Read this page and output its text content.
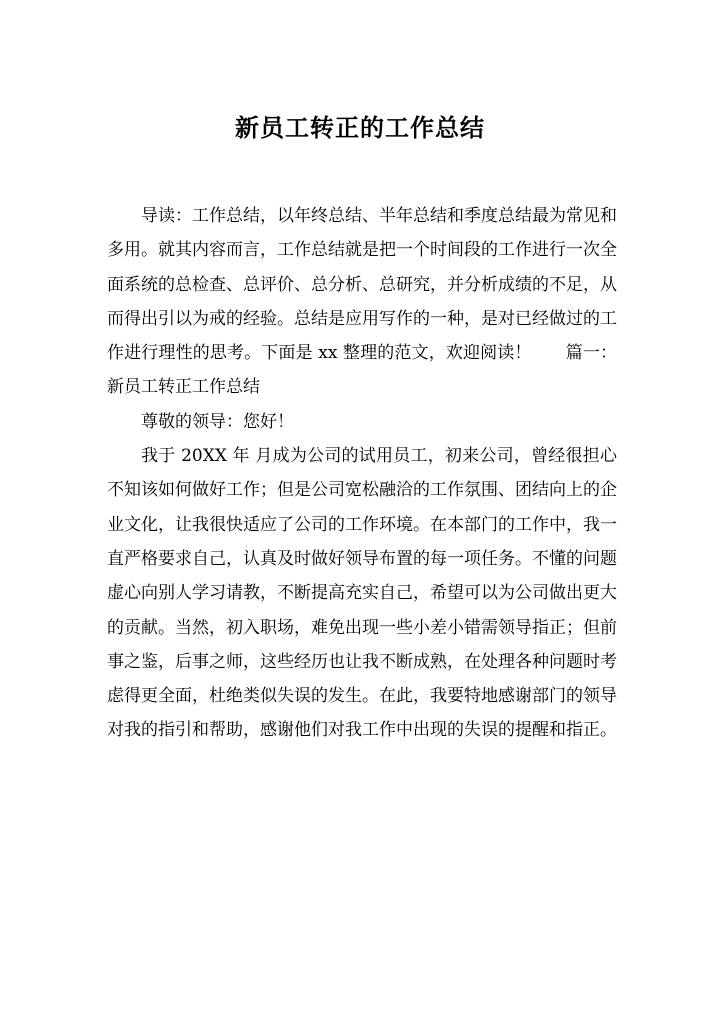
新员工转正的工作总结

导读：工作总结，以年终总结、半年总结和季度总结最为常见和多用。就其内容而言，工作总结就是把一个时间段的工作进行一次全面系统的总检查、总评价、总分析、总研究，并分析成绩的不足，从而得出引以为戒的经验。总结是应用写作的一种，是对已经做过的工作进行理性的思考。下面是 xx 整理的范文，欢迎阅读！ 篇一：新员工转正工作总结

尊敬的领导：您好！

我于 20XX 年 月成为公司的试用员工，初来公司，曾经很担心不知该如何做好工作；但是公司宽松融洽的工作氛围、团结向上的企业文化，让我很快适应了公司的工作环境。在本部门的工作中，我一直严格要求自己，认真及时做好领导布置的每一项任务。不懂的问题虚心向别人学习请教，不断提高充实自己，希望可以为公司做出更大的贡献。当然，初入职场，难免出现一些小差小错需领导指正；但前事之鉴，后事之师，这些经历也让我不断成熟，在处理各种问题时考虑得更全面，杜绝类似失误的发生。在此，我要特地感谢部门的领导对我的指引和帮助，感谢他们对我工作中出现的失误的提醒和指正。
